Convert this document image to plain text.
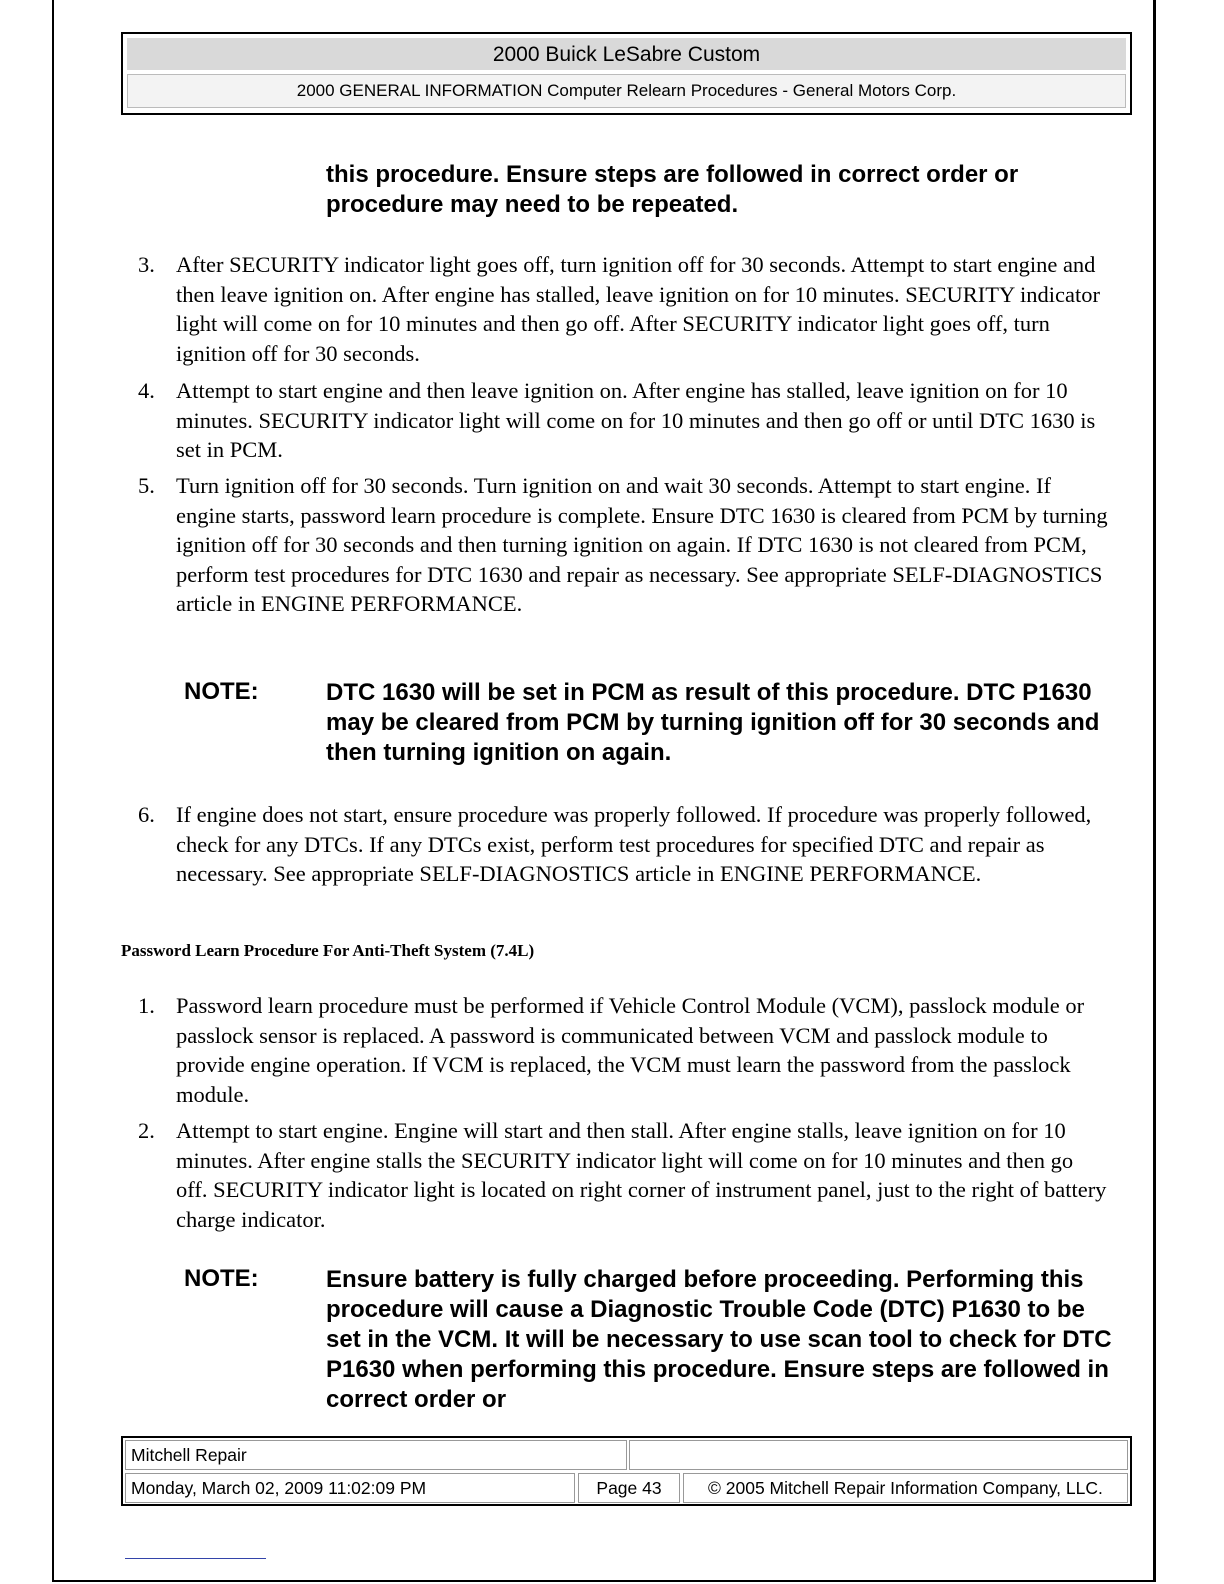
2000 Buick LeSabre Custom
2000 GENERAL INFORMATION Computer Relearn Procedures - General Motors Corp.
this procedure. Ensure steps are followed in correct order or procedure may need to be repeated.
3. After SECURITY indicator light goes off, turn ignition off for 30 seconds. Attempt to start engine and then leave ignition on. After engine has stalled, leave ignition on for 10 minutes. SECURITY indicator light will come on for 10 minutes and then go off. After SECURITY indicator light goes off, turn ignition off for 30 seconds.
4. Attempt to start engine and then leave ignition on. After engine has stalled, leave ignition on for 10 minutes. SECURITY indicator light will come on for 10 minutes and then go off or until DTC 1630 is set in PCM.
5. Turn ignition off for 30 seconds. Turn ignition on and wait 30 seconds. Attempt to start engine. If engine starts, password learn procedure is complete. Ensure DTC 1630 is cleared from PCM by turning ignition off for 30 seconds and then turning ignition on again. If DTC 1630 is not cleared from PCM, perform test procedures for DTC 1630 and repair as necessary. See appropriate SELF-DIAGNOSTICS article in ENGINE PERFORMANCE.
NOTE:	DTC 1630 will be set in PCM as result of this procedure. DTC P1630 may be cleared from PCM by turning ignition off for 30 seconds and then turning ignition on again.
6. If engine does not start, ensure procedure was properly followed. If procedure was properly followed, check for any DTCs. If any DTCs exist, perform test procedures for specified DTC and repair as necessary. See appropriate SELF-DIAGNOSTICS article in ENGINE PERFORMANCE.
Password Learn Procedure For Anti-Theft System (7.4L)
1. Password learn procedure must be performed if Vehicle Control Module (VCM), passlock module or passlock sensor is replaced. A password is communicated between VCM and passlock module to provide engine operation. If VCM is replaced, the VCM must learn the password from the passlock module.
2. Attempt to start engine. Engine will start and then stall. After engine stalls, leave ignition on for 10 minutes. After engine stalls the SECURITY indicator light will come on for 10 minutes and then go off. SECURITY indicator light is located on right corner of instrument panel, just to the right of battery charge indicator.
NOTE:	Ensure battery is fully charged before proceeding. Performing this procedure will cause a Diagnostic Trouble Code (DTC) P1630 to be set in the VCM. It will be necessary to use scan tool to check for DTC P1630 when performing this procedure. Ensure steps are followed in correct order or
Mitchell Repair
Monday, March 02, 2009 11:02:09 PM	Page 43	© 2005 Mitchell Repair Information Company, LLC.
